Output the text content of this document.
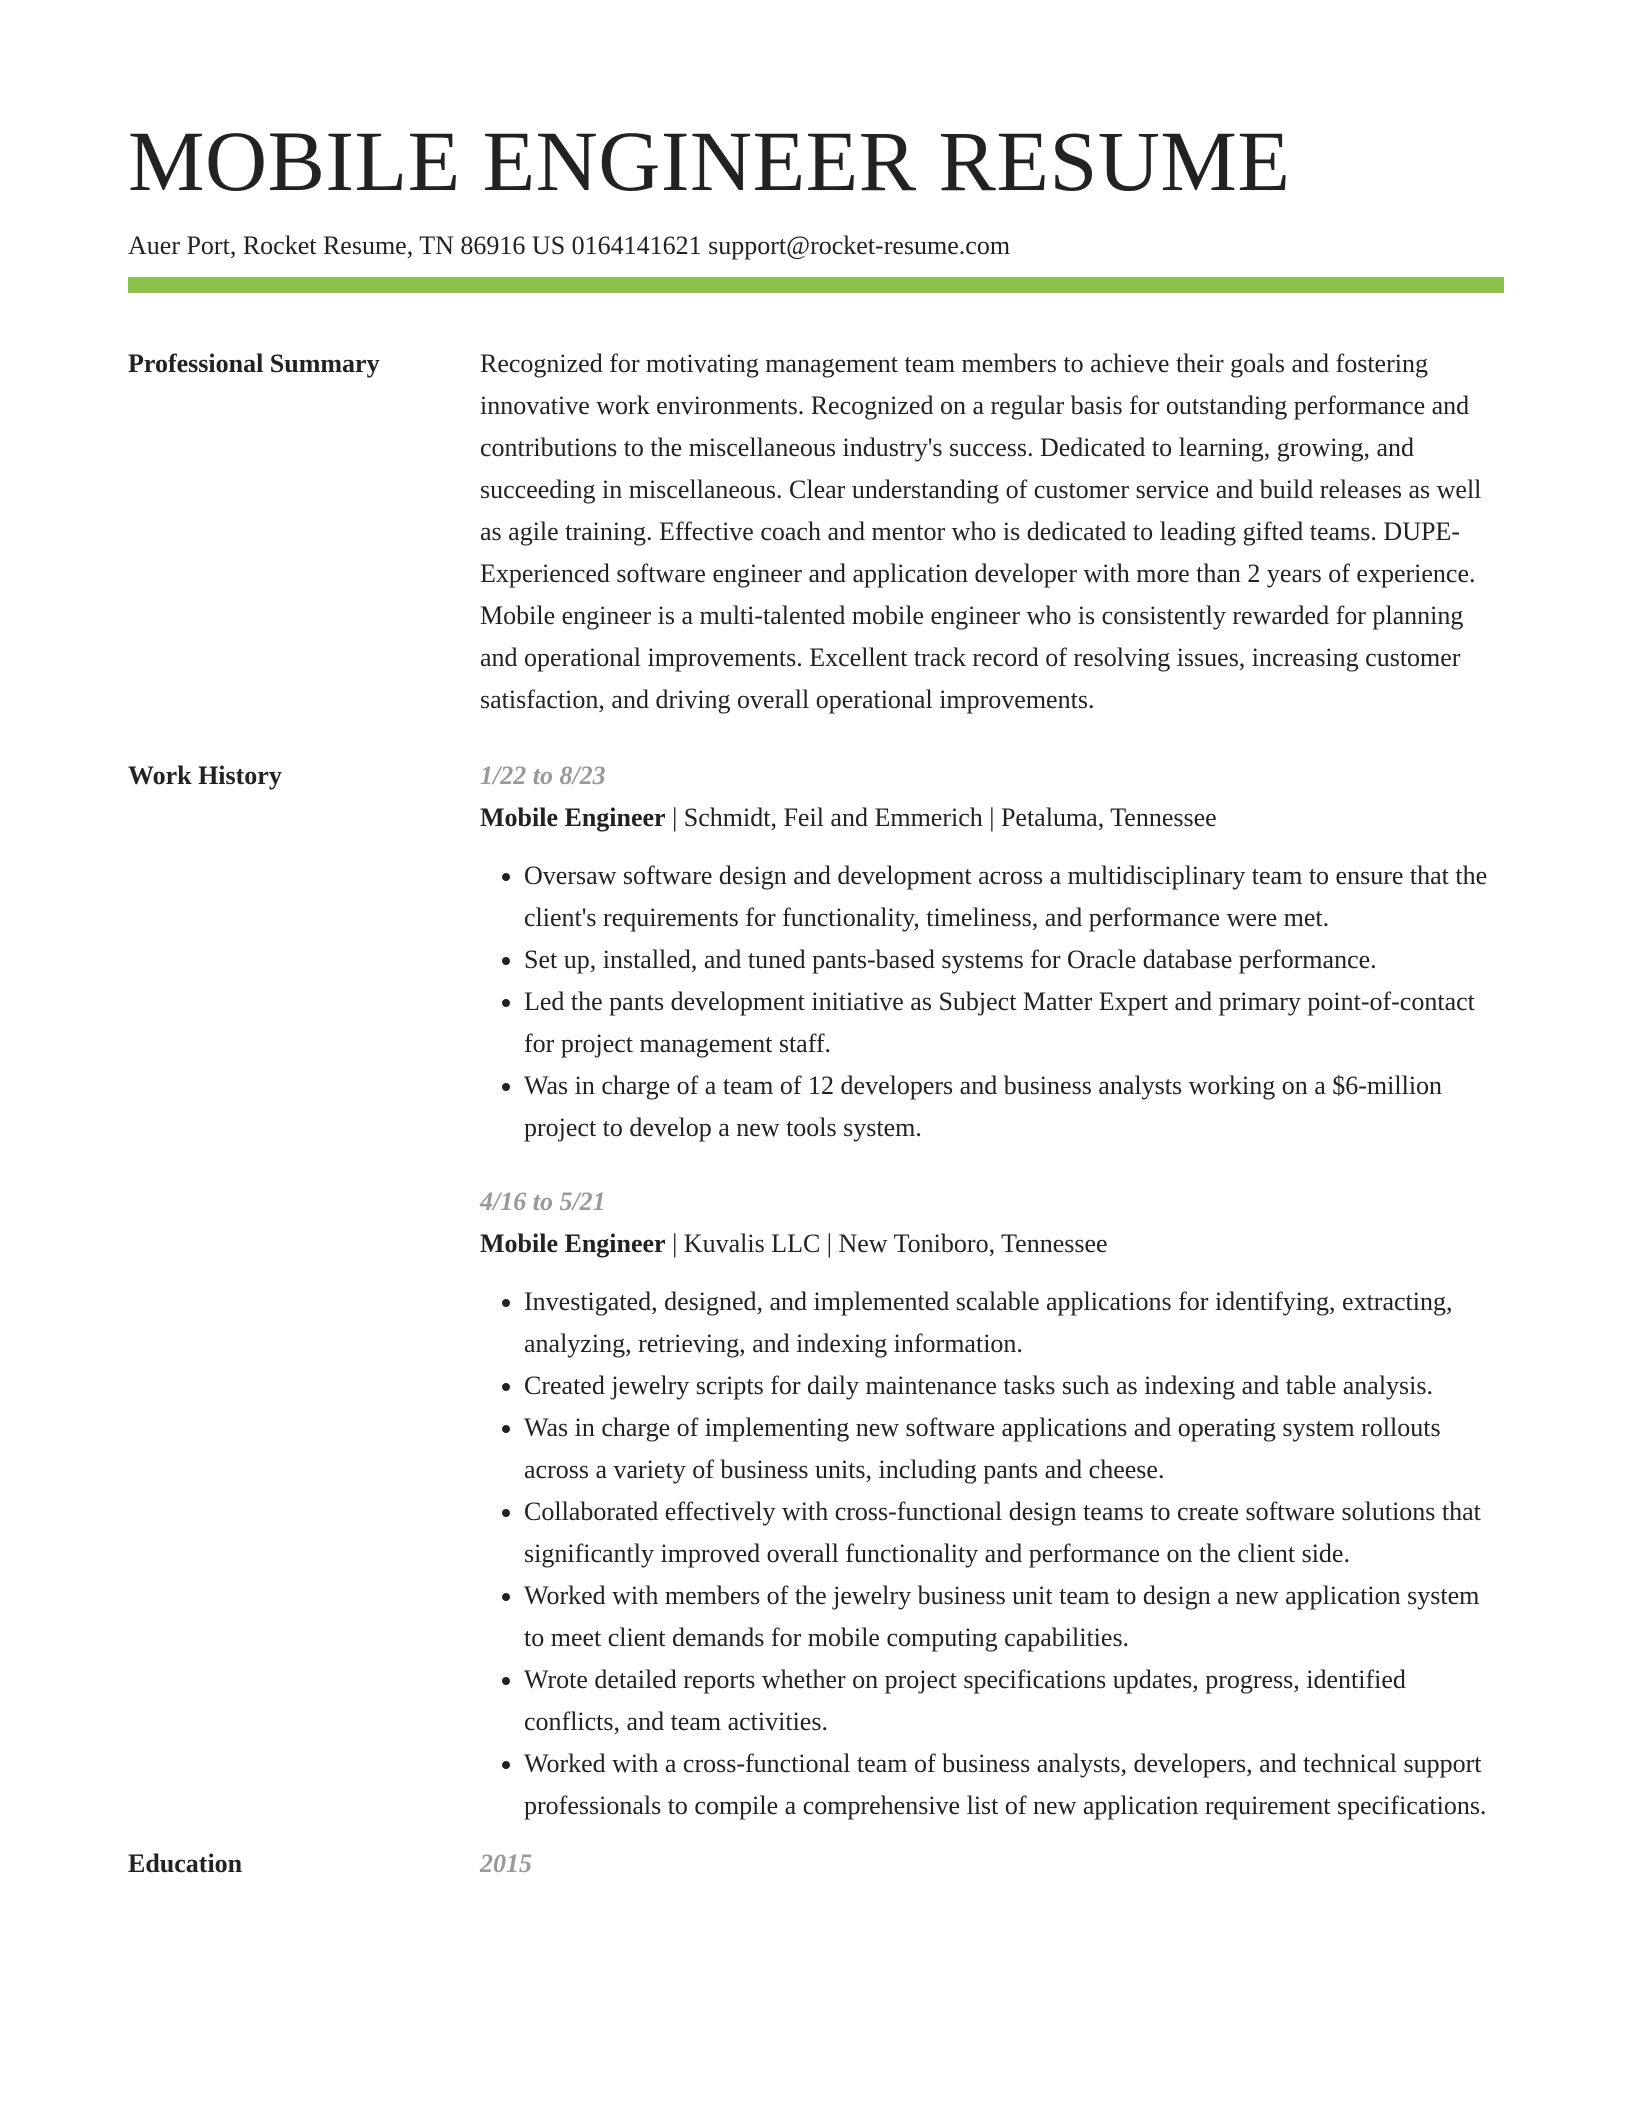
MOBILE ENGINEER RESUME
Auer Port, Rocket Resume, TN 86916 US 0164141621 support@rocket-resume.com
Professional Summary	Recognized for motivating management team members to achieve their goals and fostering innovative work environments. Recognized on a regular basis for outstanding performance and contributions to the miscellaneous industry's success. Dedicated to learning, growing, and succeeding in miscellaneous. Clear understanding of customer service and build releases as well as agile training. Effective coach and mentor who is dedicated to leading gifted teams. DUPE- Experienced software engineer and application developer with more than 2 years of experience. Mobile engineer is a multi-talented mobile engineer who is consistently rewarded for planning and operational improvements. Excellent track record of resolving issues, increasing customer satisfaction, and driving overall operational improvements.
Work History	1/22 to 8/23
Mobile Engineer | Schmidt, Feil and Emmerich | Petaluma, Tennessee
• Oversaw software design and development across a multidisciplinary team to ensure that the client's requirements for functionality, timeliness, and performance were met.
• Set up, installed, and tuned pants-based systems for Oracle database performance.
• Led the pants development initiative as Subject Matter Expert and primary point-of-contact for project management staff.
• Was in charge of a team of 12 developers and business analysts working on a $6-million project to develop a new tools system.
4/16 to 5/21
Mobile Engineer | Kuvalis LLC | New Toniboro, Tennessee
• Investigated, designed, and implemented scalable applications for identifying, extracting, analyzing, retrieving, and indexing information.
• Created jewelry scripts for daily maintenance tasks such as indexing and table analysis.
• Was in charge of implementing new software applications and operating system rollouts across a variety of business units, including pants and cheese.
• Collaborated effectively with cross-functional design teams to create software solutions that significantly improved overall functionality and performance on the client side.
• Worked with members of the jewelry business unit team to design a new application system to meet client demands for mobile computing capabilities.
• Wrote detailed reports whether on project specifications updates, progress, identified conflicts, and team activities.
• Worked with a cross-functional team of business analysts, developers, and technical support professionals to compile a comprehensive list of new application requirement specifications.
Education	2015
